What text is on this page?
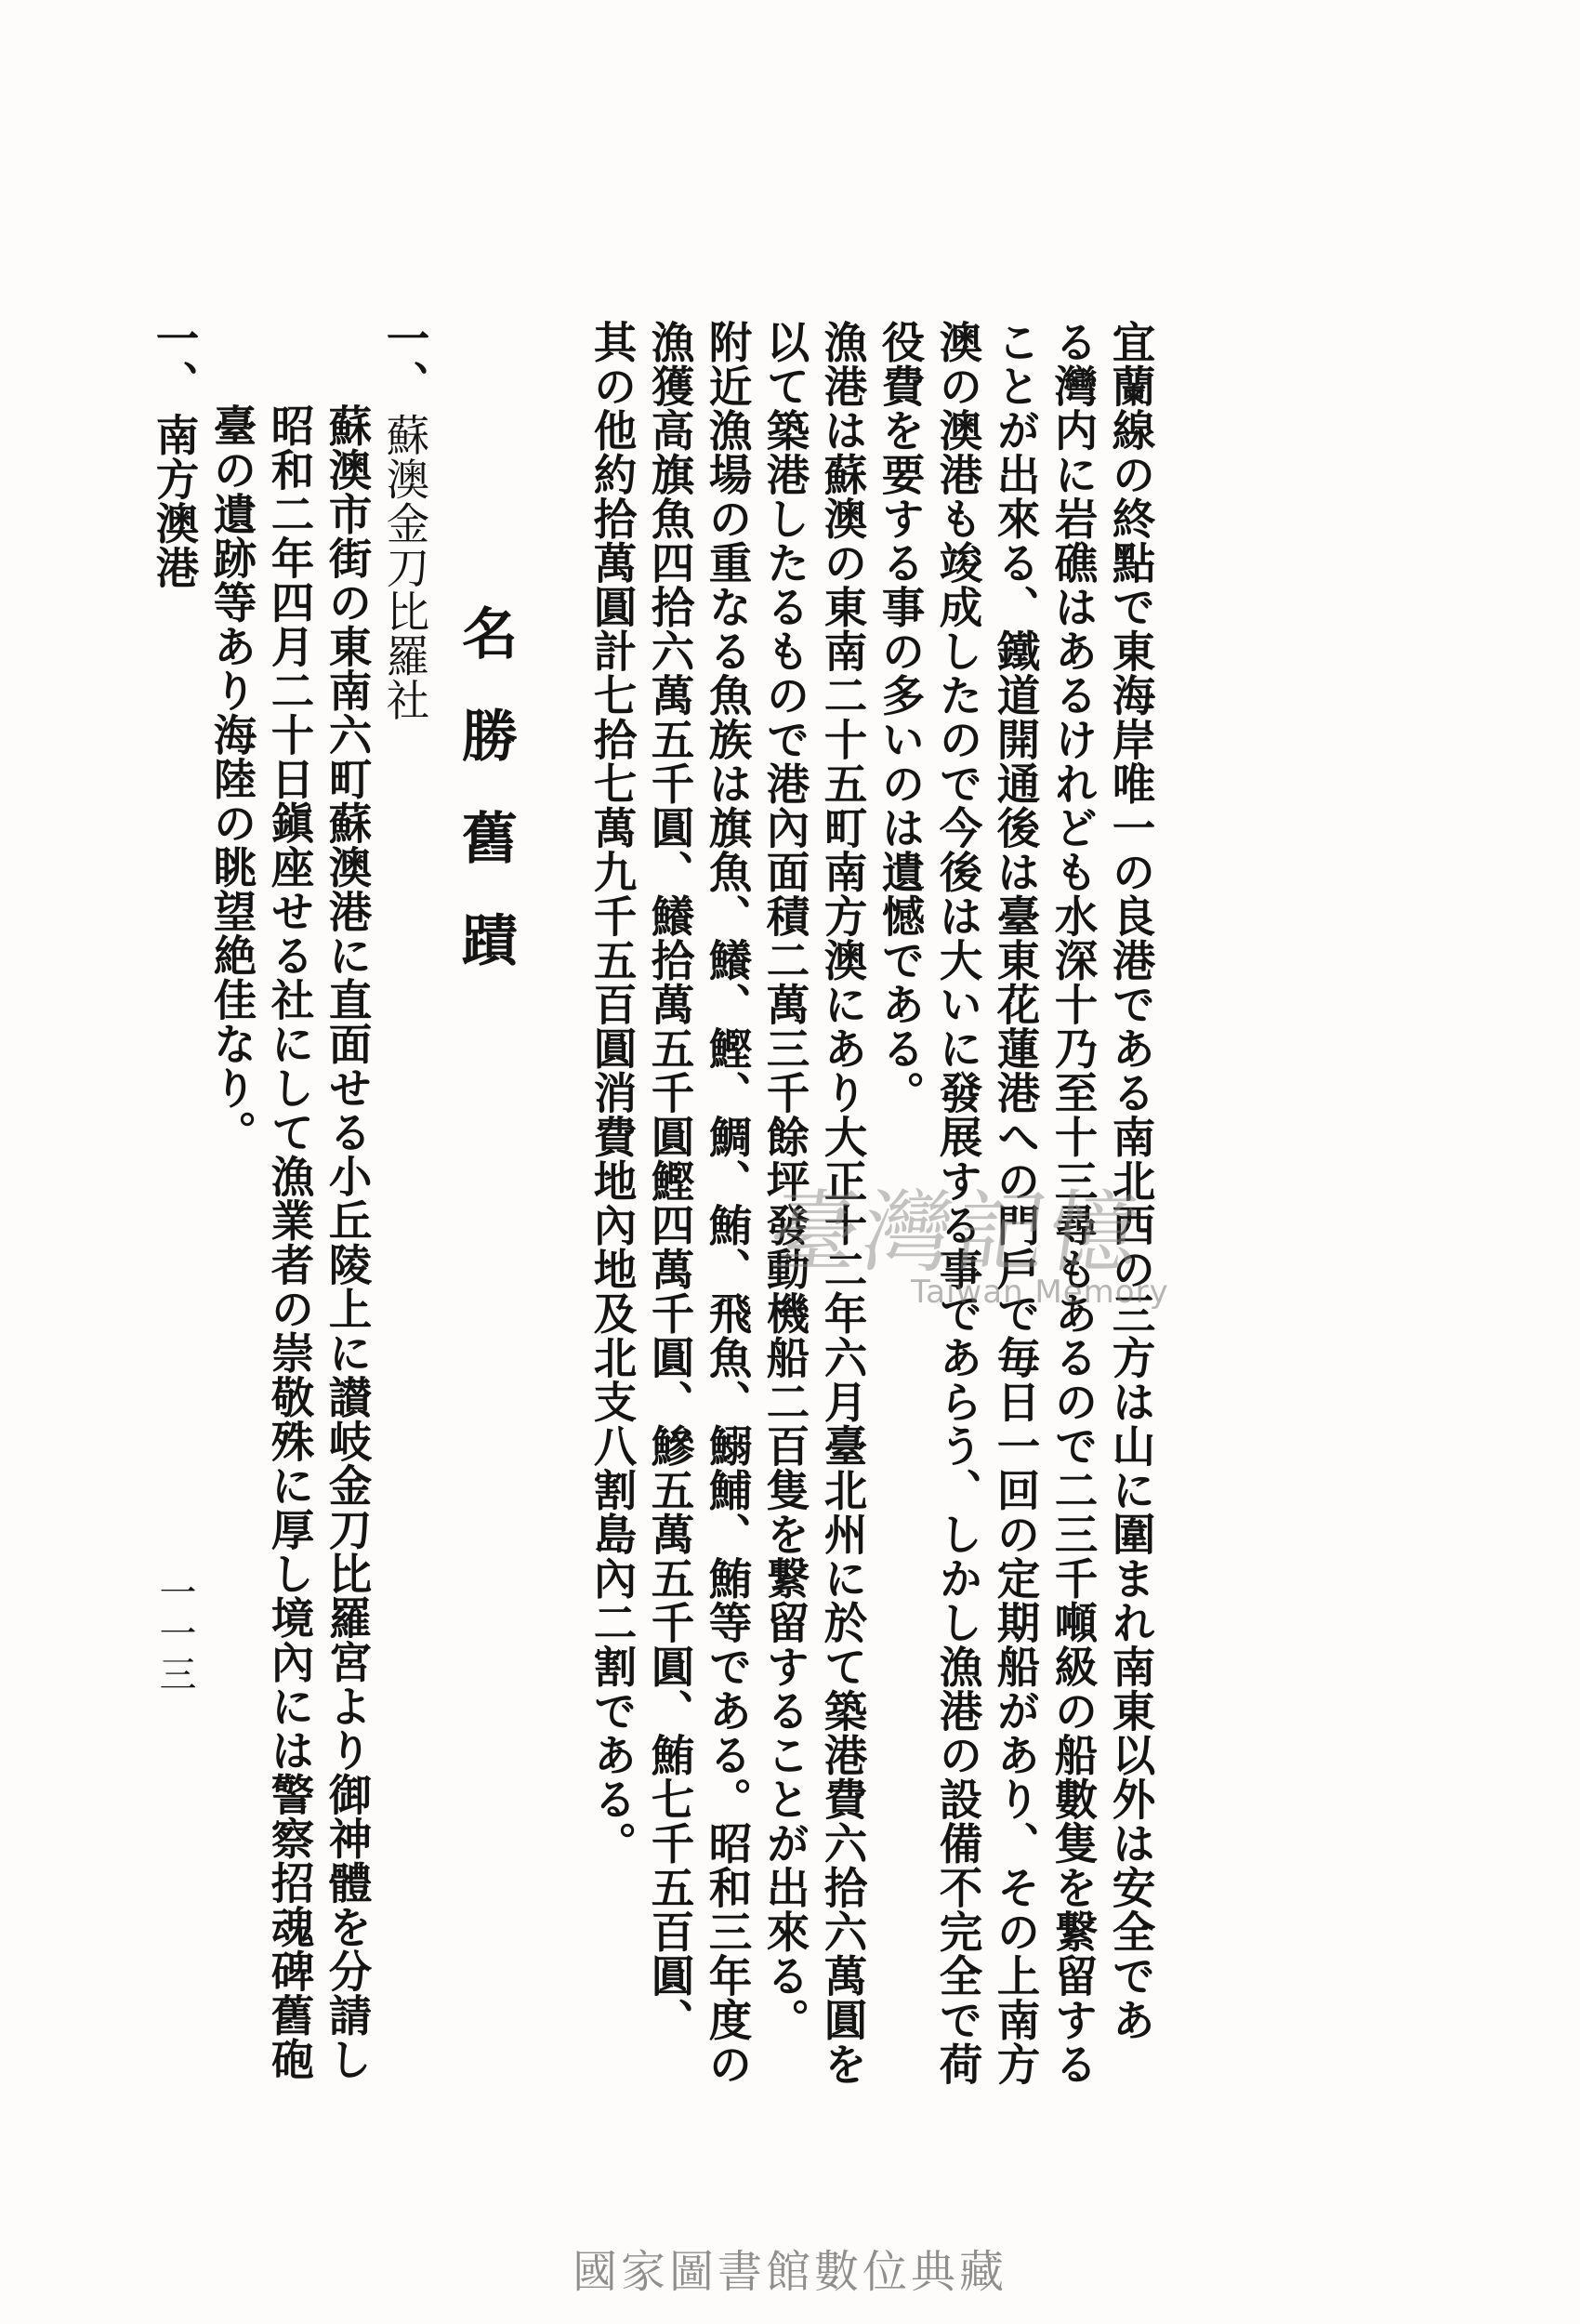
宜蘭線の終點で東海岸唯一の良港である南北西の三方は山に圍まれ南東以外は安全であ
る灣内に岩礁はあるけれども水深十乃至十三尋もあるので二三千噸級の船數隻を繋留する
ことが出來る、鐵道開通後は臺東花蓮港への門戶で毎日一回の定期船があり、その上南方
澳の澳港も竣成したので今後は大いに發展する事であらう、しかし漁港の設備不完全で荷
役費を要する事の多いのは遺憾である。
漁港は蘇澳の東南二十五町南方澳にあり大正十二年六月臺北州に於て築港費六拾六萬圓を
以て築港したるもので港內面積二萬三千餘坪發動機船二百隻を繋留することが出來る。
附近漁場の重なる魚族は旗魚、鱶、鰹、鯛、鮪、飛魚、鰯鯆、鮪等である。昭和三年度の
漁獲高旗魚四拾六萬五千圓、鱶拾萬五千圓鰹四萬千圓、鰺五萬五千圓、鮪七千五百圓、
其の他約拾萬圓計七拾七萬九千五百圓消費地內地及北支八割島內二割である。
名勝舊蹟
一、
蘇澳金刀比羅社
蘇澳市街の東南六町蘇澳港に直面せる小丘陵上に讃岐金刀比羅宮より御神體を分請し
昭和二年四月二十日鎭座せる社にして漁業者の崇敬殊に厚し境內には警察招魂碑舊砲
臺の遺跡等あり海陸の眺望絶佳なり。
一、
南方澳港
一一三
臺灣記憶
Taiwan Memory
國家圖書館數位典藏
